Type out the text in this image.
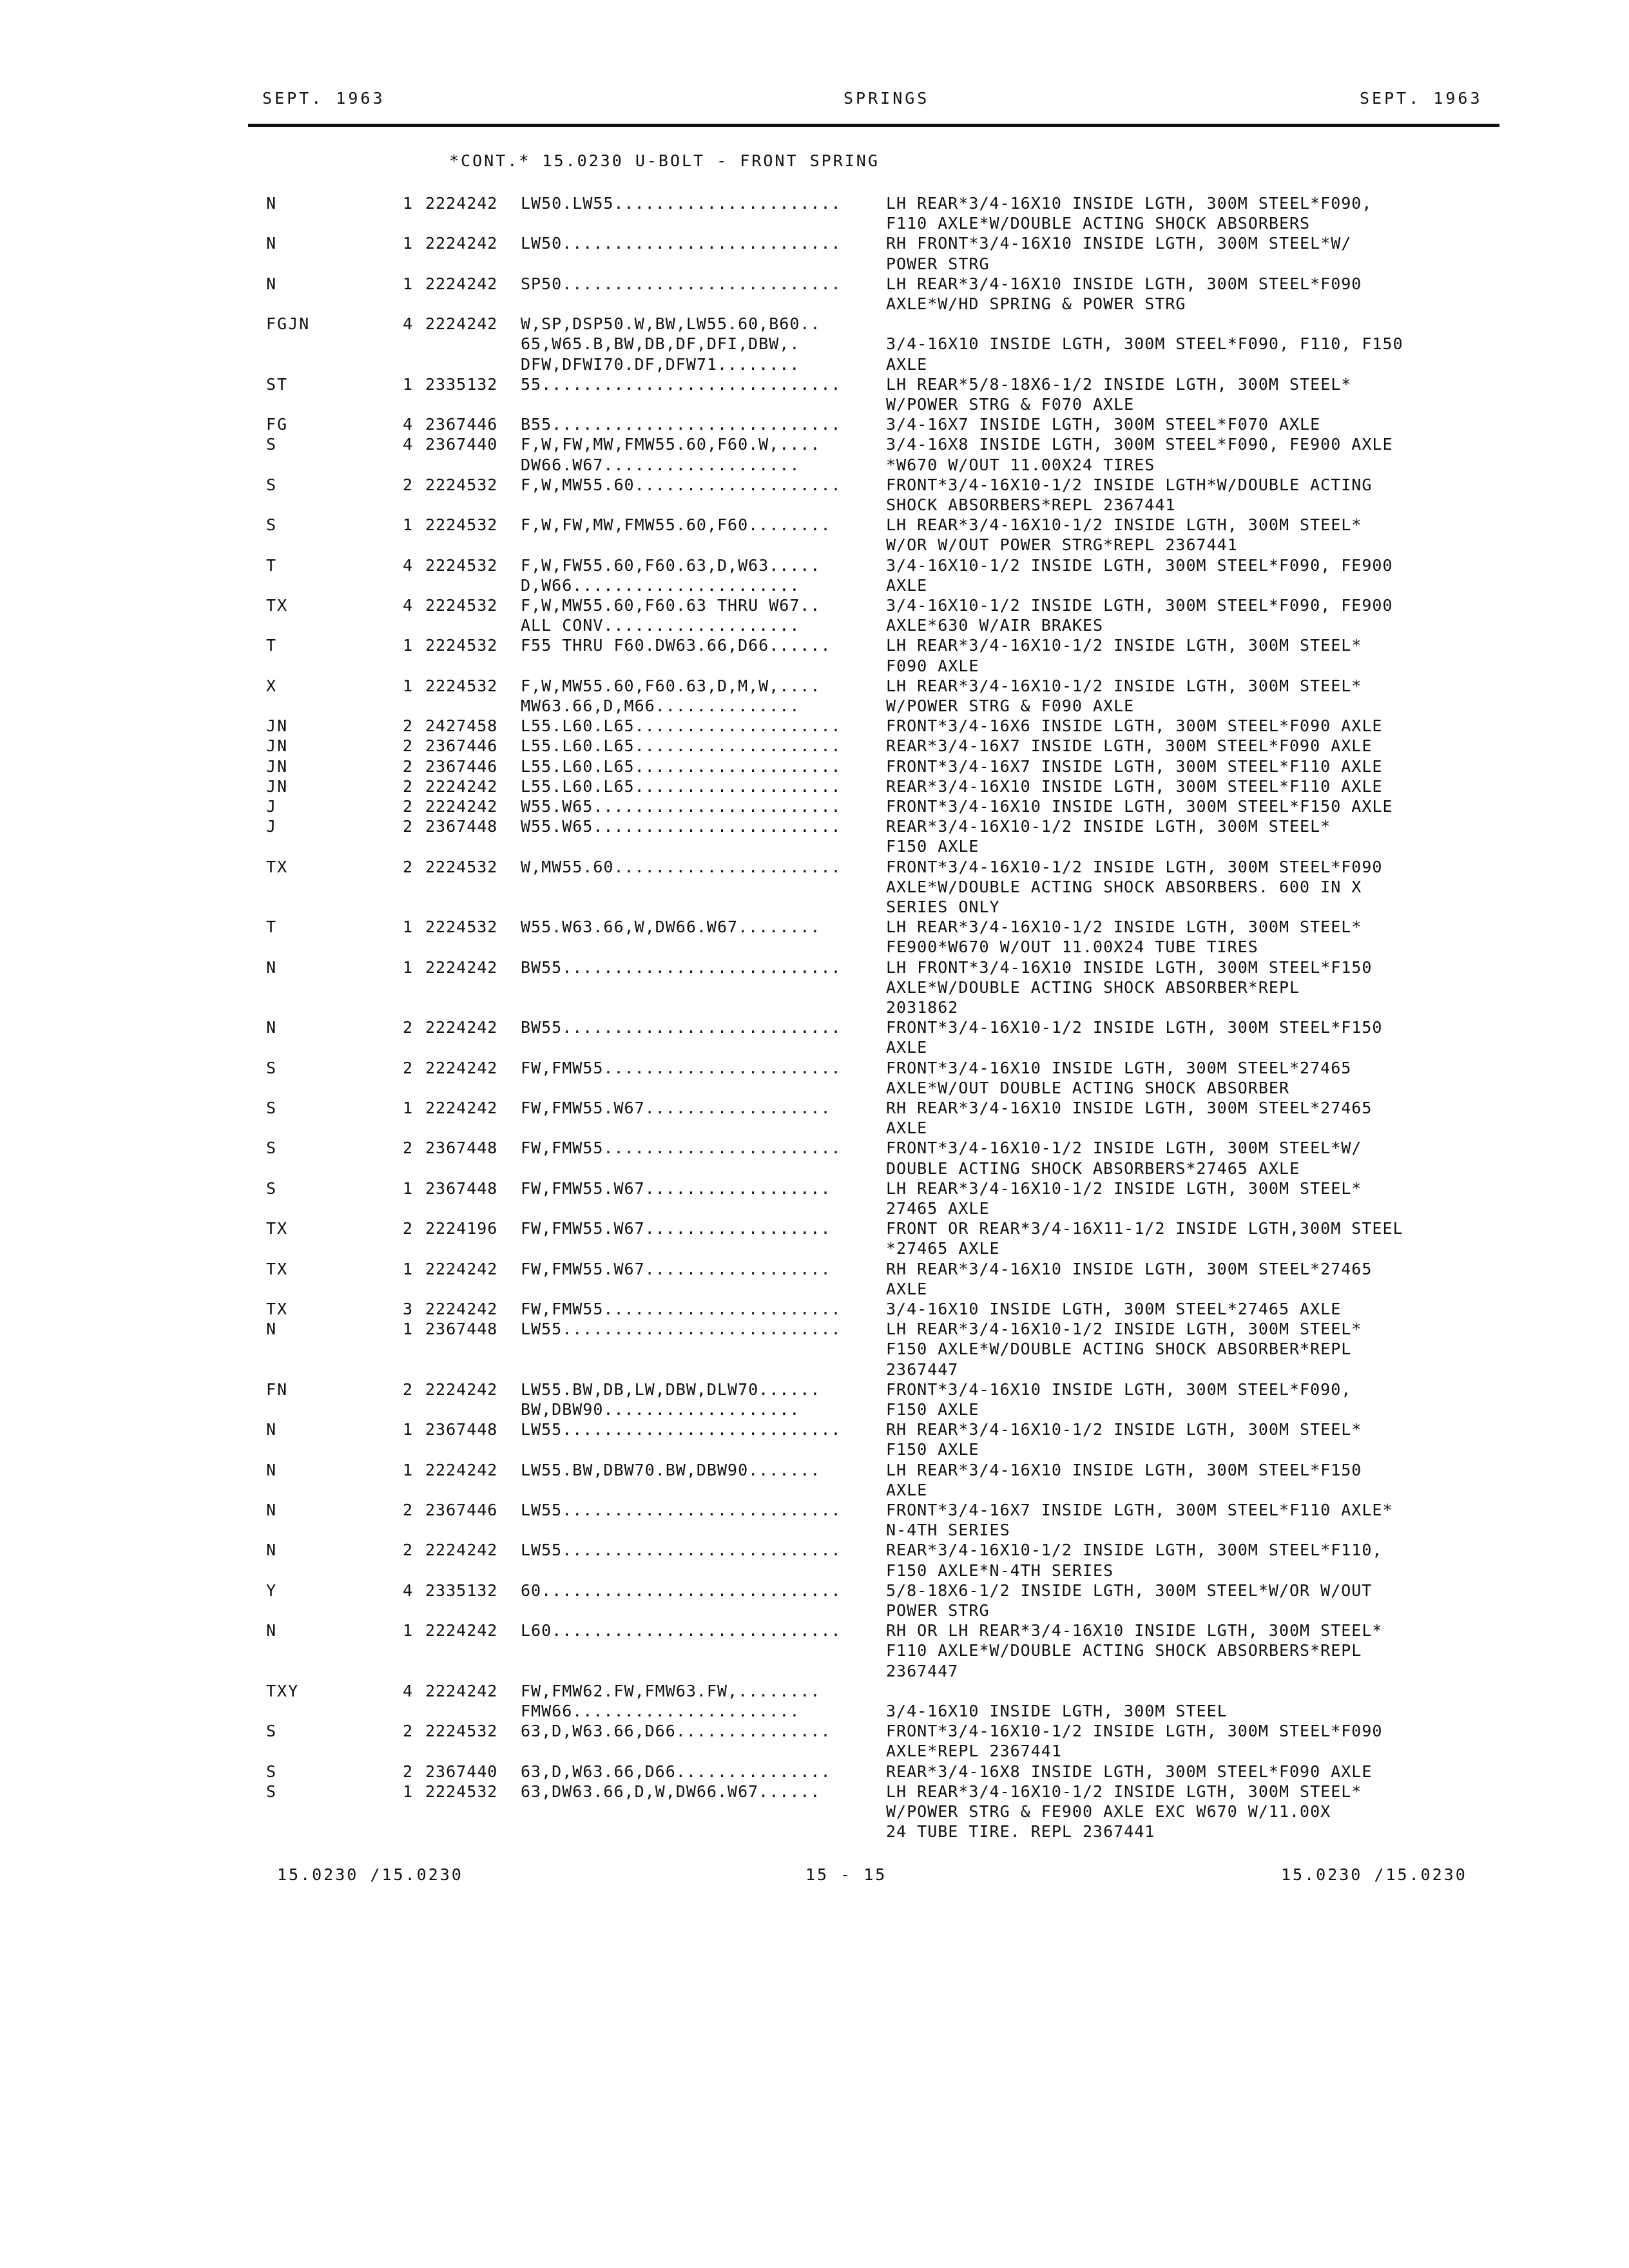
SEPT. 1963	SPRINGS	SEPT. 1963
*CONT.* 15.0230 U-BOLT - FRONT SPRING
N	1 2224242 LW50.LW55......................	LH REAR*3/4-16X10 INSIDE LGTH, 300M STEEL*F090,
F110 AXLE*W/DOUBLE ACTING SHOCK ABSORBERS
N	1 2224242 LW50...........................	RH FRONT*3/4-16X10 INSIDE LGTH, 300M STEEL*W/
POWER STRG
N	1 2224242 SP50...........................	LH REAR*3/4-16X10 INSIDE LGTH, 300M STEEL*F090
AXLE*W/HD SPRING & POWER STRG
FGJN	4 2224242 W,SP,DSP50.W,BW,LW55.60,B60..
65,W65.B,BW,DB,DF,DFI,DBW,.	3/4-16X10 INSIDE LGTH, 300M STEEL*F090, F110, F150
DFW,DFWI70.DF,DFW71........	AXLE
ST	1 2335132 55.............................	LH REAR*5/8-18X6-1/2 INSIDE LGTH, 300M STEEL*
W/POWER STRG & F070 AXLE
FG	4 2367446 B55............................	3/4-16X7 INSIDE LGTH, 300M STEEL*F070 AXLE
S	4 2367440 F,W,FW,MW,FMW55.60,F60.W,....	3/4-16X8 INSIDE LGTH, 300M STEEL*F090, FE900 AXLE
DW66.W67...................	*W670 W/OUT 11.00X24 TIRES
S	2 2224532 F,W,MW55.60....................	FRONT*3/4-16X10-1/2 INSIDE LGTH*W/DOUBLE ACTING
SHOCK ABSORBERS*REPL 2367441
S	1 2224532 F,W,FW,MW,FMW55.60,F60........	LH REAR*3/4-16X10-1/2 INSIDE LGTH, 300M STEEL*
W/OR W/OUT POWER STRG*REPL 2367441
T	4 2224532 F,W,FW55.60,F60.63,D,W63.....	3/4-16X10-1/2 INSIDE LGTH, 300M STEEL*F090, FE900
D,W66......................	AXLE
TX	4 2224532 F,W,MW55.60,F60.63 THRU W67..	3/4-16X10-1/2 INSIDE LGTH, 300M STEEL*F090, FE900
ALL CONV...................	AXLE*630 W/AIR BRAKES
T	1 2224532 F55 THRU F60.DW63.66,D66......	LH REAR*3/4-16X10-1/2 INSIDE LGTH, 300M STEEL*
F090 AXLE
X	1 2224532 F,W,MW55.60,F60.63,D,M,W,....	LH REAR*3/4-16X10-1/2 INSIDE LGTH, 300M STEEL*
MW63.66,D,M66..............	W/POWER STRG & F090 AXLE
JN	2 2427458 L55.L60.L65....................	FRONT*3/4-16X6 INSIDE LGTH, 300M STEEL*F090 AXLE
JN	2 2367446 L55.L60.L65....................	REAR*3/4-16X7 INSIDE LGTH, 300M STEEL*F090 AXLE
JN	2 2367446 L55.L60.L65....................	FRONT*3/4-16X7 INSIDE LGTH, 300M STEEL*F110 AXLE
JN	2 2224242 L55.L60.L65....................	REAR*3/4-16X10 INSIDE LGTH, 300M STEEL*F110 AXLE
J	2 2224242 W55.W65........................	FRONT*3/4-16X10 INSIDE LGTH, 300M STEEL*F150 AXLE
J	2 2367448 W55.W65........................	REAR*3/4-16X10-1/2 INSIDE LGTH, 300M STEEL*
F150 AXLE
TX	2 2224532 W,MW55.60......................	FRONT*3/4-16X10-1/2 INSIDE LGTH, 300M STEEL*F090
AXLE*W/DOUBLE ACTING SHOCK ABSORBERS. 600 IN X
SERIES ONLY
T	1 2224532 W55.W63.66,W,DW66.W67........	LH REAR*3/4-16X10-1/2 INSIDE LGTH, 300M STEEL*
FE900*W670 W/OUT 11.00X24 TUBE TIRES
N	1 2224242 BW55...........................	LH FRONT*3/4-16X10 INSIDE LGTH, 300M STEEL*F150
AXLE*W/DOUBLE ACTING SHOCK ABSORBER*REPL
2031862
N	2 2224242 BW55...........................	FRONT*3/4-16X10-1/2 INSIDE LGTH, 300M STEEL*F150
AXLE
S	2 2224242 FW,FMW55.......................	FRONT*3/4-16X10 INSIDE LGTH, 300M STEEL*27465
AXLE*W/OUT DOUBLE ACTING SHOCK ABSORBER
S	1 2224242 FW,FMW55.W67..................	RH REAR*3/4-16X10 INSIDE LGTH, 300M STEEL*27465
AXLE
S	2 2367448 FW,FMW55.......................	FRONT*3/4-16X10-1/2 INSIDE LGTH, 300M STEEL*W/
DOUBLE ACTING SHOCK ABSORBERS*27465 AXLE
S	1 2367448 FW,FMW55.W67..................	LH REAR*3/4-16X10-1/2 INSIDE LGTH, 300M STEEL*
27465 AXLE
TX	2 2224196 FW,FMW55.W67..................	FRONT OR REAR*3/4-16X11-1/2 INSIDE LGTH,300M STEEL
*27465 AXLE
TX	1 2224242 FW,FMW55.W67..................	RH REAR*3/4-16X10 INSIDE LGTH, 300M STEEL*27465
AXLE
TX	3 2224242 FW,FMW55.......................	3/4-16X10 INSIDE LGTH, 300M STEEL*27465 AXLE
N	1 2367448 LW55...........................	LH REAR*3/4-16X10-1/2 INSIDE LGTH, 300M STEEL*
F150 AXLE*W/DOUBLE ACTING SHOCK ABSORBER*REPL
2367447
FN	2 2224242 LW55.BW,DB,LW,DBW,DLW70......	FRONT*3/4-16X10 INSIDE LGTH, 300M STEEL*F090,
BW,DBW90...................	F150 AXLE
N	1 2367448 LW55...........................	RH REAR*3/4-16X10-1/2 INSIDE LGTH, 300M STEEL*
F150 AXLE
N	1 2224242 LW55.BW,DBW70.BW,DBW90.......	LH REAR*3/4-16X10 INSIDE LGTH, 300M STEEL*F150
AXLE
N	2 2367446 LW55...........................	FRONT*3/4-16X7 INSIDE LGTH, 300M STEEL*F110 AXLE*
N-4TH SERIES
N	2 2224242 LW55...........................	REAR*3/4-16X10-1/2 INSIDE LGTH, 300M STEEL*F110,
F150 AXLE*N-4TH SERIES
Y	4 2335132 60.............................	5/8-18X6-1/2 INSIDE LGTH, 300M STEEL*W/OR W/OUT
POWER STRG
N	1 2224242 L60............................	RH OR LH REAR*3/4-16X10 INSIDE LGTH, 300M STEEL*
F110 AXLE*W/DOUBLE ACTING SHOCK ABSORBERS*REPL
2367447
TXY	4 2224242 FW,FMW62.FW,FMW63.FW,........
FMW66......................	3/4-16X10 INSIDE LGTH, 300M STEEL
S	2 2224532 63,D,W63.66,D66...............	FRONT*3/4-16X10-1/2 INSIDE LGTH, 300M STEEL*F090
AXLE*REPL 2367441
S	2 2367440 63,D,W63.66,D66...............	REAR*3/4-16X8 INSIDE LGTH, 300M STEEL*F090 AXLE
S	1 2224532 63,DW63.66,D,W,DW66.W67......	LH REAR*3/4-16X10-1/2 INSIDE LGTH, 300M STEEL*
W/POWER STRG & FE900 AXLE EXC W670 W/11.00X
24 TUBE TIRE. REPL 2367441
15.0230 /15.0230	15 - 15	15.0230 /15.0230
